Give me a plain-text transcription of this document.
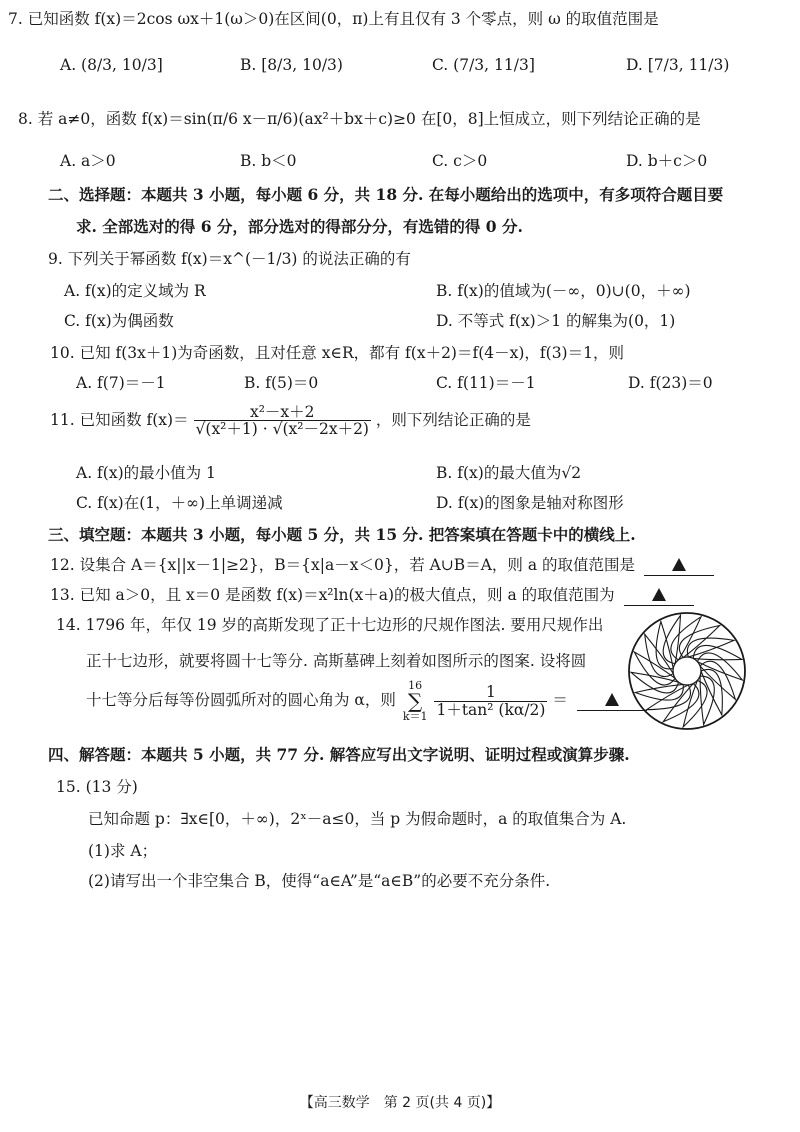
7. 已知函数 f(x)＝2cos ωx＋1(ω＞0)在区间(0，π)上有且仅有 3 个零点，则 ω 的取值范围是
A. (8/3, 10/3]	B. [8/3, 10/3)	C. (7/3, 11/3]	D. [7/3, 11/3)
8. 若 a≠0，函数 f(x)＝sin(π/6 x－π/6)(ax²＋bx＋c)≥0 在[0，8]上恒成立，则下列结论正确的是
A. a＞0	B. b＜0	C. c＞0	D. b＋c＞0
二、选择题：本题共 3 小题，每小题 6 分，共 18 分. 在每小题给出的选项中，有多项符合题目要
求. 全部选对的得 6 分，部分选对的得部分分，有选错的得 0 分.
9. 下列关于幂函数 f(x)＝x^(－1/3) 的说法正确的有
A. f(x)的定义域为 R	B. f(x)的值域为(－∞，0)∪(0，＋∞)
C. f(x)为偶函数	D. 不等式 f(x)＞1 的解集为(0，1)
10. 已知 f(3x＋1)为奇函数，且对任意 x∈R，都有 f(x＋2)＝f(4－x)，f(3)＝1，则
A. f(7)＝－1	B. f(5)＝0	C. f(11)＝－1	D. f(23)＝0
11. 已知函数 $f(x)= \frac{\text{x²－x＋2}}{\text{√(x²＋1) · √(x²－2x＋2)}}$ ，则下列结论正确的是
A. f(x)的最小值为 1	B. f(x)的最大值为√2
C. f(x)在(1，＋∞)上单调递减	D. f(x)的图象是轴对称图形
三、填空题：本题共 3 小题，每小题 5 分，共 15 分. 把答案填在答题卡中的横线上.
12. 设集合 A＝{x||x－1|≥2}，B＝{x|a－x＜0}，若 A∪B＝A，则 a 的取值范围是
13. 已知 a＞0，且 x＝0 是函数 f(x)＝x²ln(x＋a)的极大值点，则 a 的取值范围为
14. 1796 年，年仅 19 岁的高斯发现了正十七边形的尺规作图法. 要用尺规作出
正十七边形，就要将圆十七等分. 高斯墓碑上刻着如图所示的图案. 设将圆
十七等分后每等份圆弧所对的圆心角为 α，则 16
∑
$k=1 \frac{1}{\text{1＋tan² (kα/2)}}$ ＝
四、解答题：本题共 5 小题，共 77 分. 解答应写出文字说明、证明过程或演算步骤.
15. (13 分)
已知命题 p：∃x∈[0，＋∞)，2ˣ－a≤0，当 p 为假命题时，a 的取值集合为 A.
(1)求 A；
(2)请写出一个非空集合 B，使得“a∈A”是“a∈B”的必要不充分条件.
【高三数学　第 2 页(共 4 页)】
